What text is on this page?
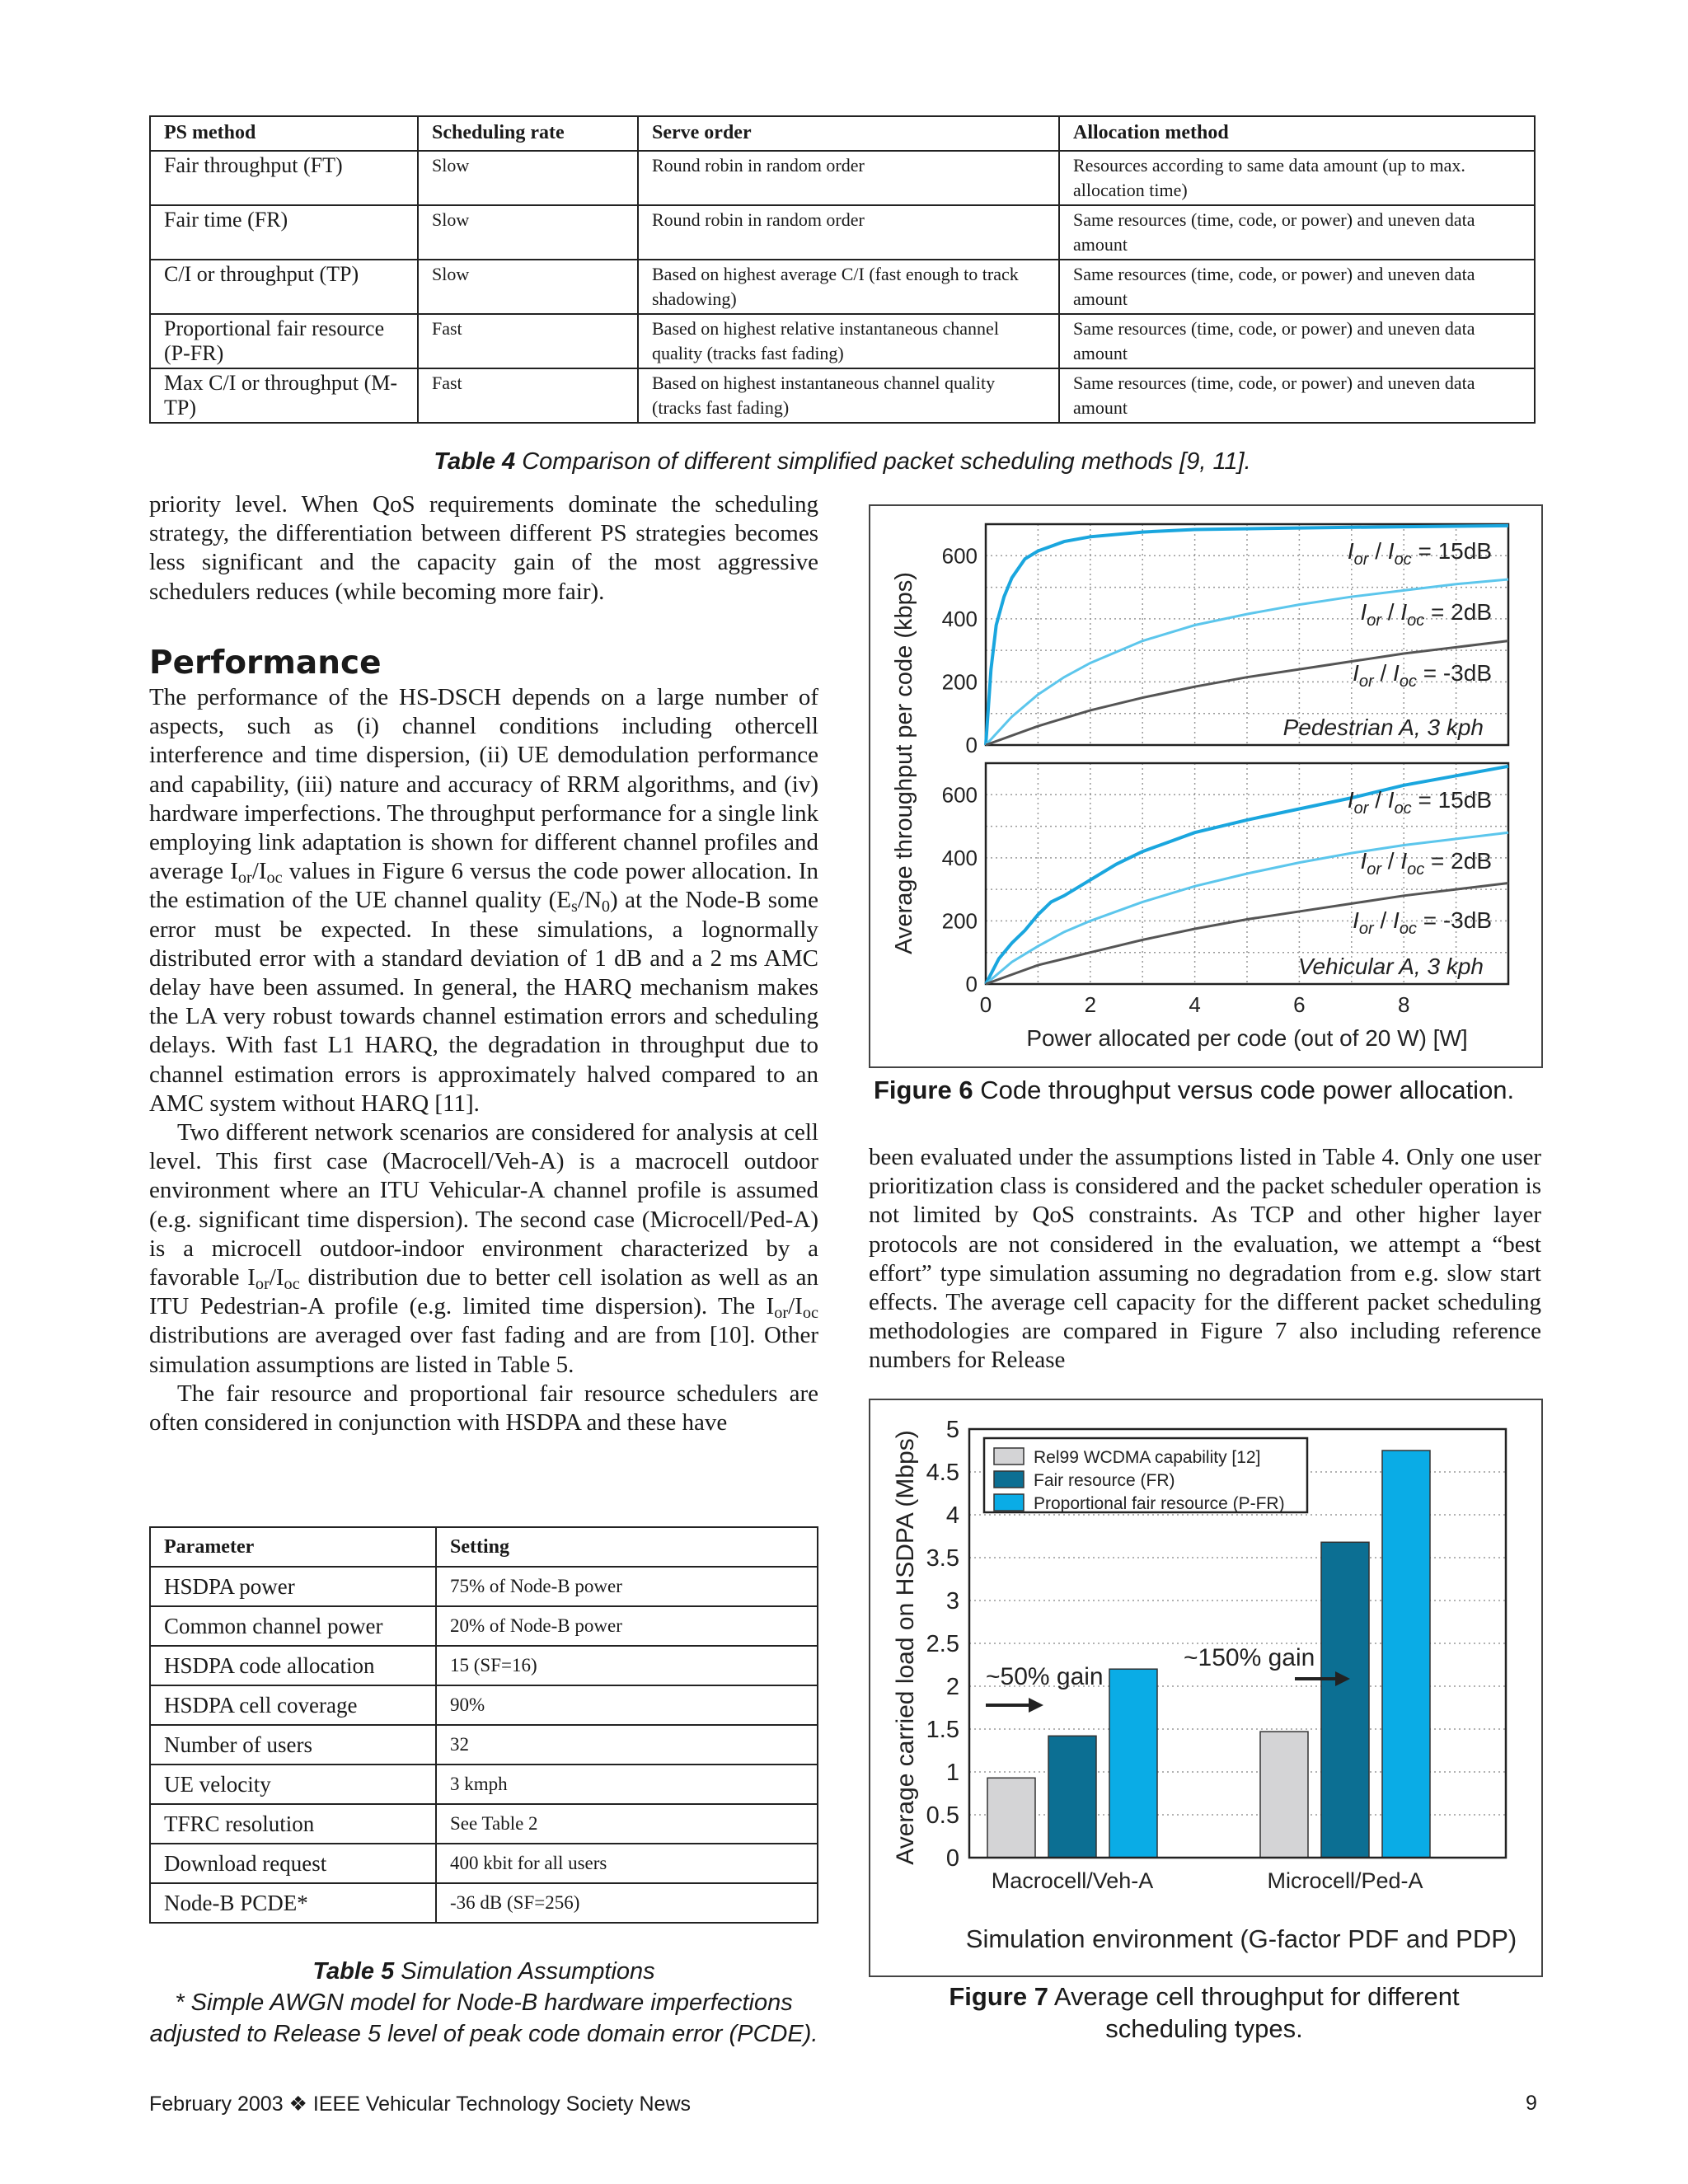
PS method	Scheduling rate	Serve order	Allocation method
Fair throughput (FT)	Slow	Round robin in random order	Resources according to same data amount (up to max. allocation time)
Fair time (FR)	Slow	Round robin in random order	Same resources (time, code, or power) and uneven data amount
C/I or throughput (TP)	Slow	Based on highest average C/I (fast enough to track shadowing)	Same resources (time, code, or power) and uneven data amount
Proportional fair resource (P-FR)	Fast	Based on highest relative instantaneous channel quality (tracks fast fading)	Same resources (time, code, or power) and uneven data amount
Max C/I or throughput (M-TP)	Fast	Based on highest instantaneous channel quality (tracks fast fading)	Same resources (time, code, or power) and uneven data amount
Table 4 Comparison of different simplified packet scheduling methods [9, 11].

priority level. When QoS requirements dominate the scheduling strategy, the differentiation between different PS strategies becomes less significant and the capacity gain of the most aggressive schedulers reduces (while becoming more fair).

Performance

The performance of the HS-DSCH depends on a large number of aspects, such as (i) channel conditions including othercell interference and time dispersion, (ii) UE demodulation performance and capability, (iii) nature and accuracy of RRM algorithms, and (iv) hardware imperfections. The throughput performance for a single link employing link adaptation is shown for different channel profiles and average $I_{or}/I_{oc}$ values in Figure 6 versus the code power allocation. In the estimation of the UE channel quality $(E_s/N_0)$ at the Node-B some error must be expected. In these simulations, a lognormally distributed error with a standard deviation of 1 dB and a 2 ms AMC delay have been assumed. In general, the HARQ mechanism makes the LA very robust towards channel estimation errors and scheduling delays. With fast L1 HARQ, the degradation in throughput due to channel estimation errors is approximately halved compared to an AMC system without HARQ [11].

Two different network scenarios are considered for analysis at cell level. This first case (Macrocell/Veh-A) is a macrocell outdoor environment where an ITU Vehicular-A channel profile is assumed (e.g. significant time dispersion). The second case (Microcell/Ped-A) is a microcell outdoor-indoor environment characterized by a favorable $I_{or}/I_{oc}$ distribution due to better cell isolation as well as an ITU Pedestrian-A profile (e.g. limited time dispersion). The $I_{or}/I_{oc}$ distributions are averaged over fast fading and are from [10]. Other simulation assumptions are listed in Table 5.

The fair resource and proportional fair resource schedulers are often considered in conjunction with HSDPA and these have

Parameter	Setting
HSDPA power	75% of Node-B power
Common channel power	20% of Node-B power
HSDPA code allocation	15 (SF=16)
HSDPA cell coverage	90%
Number of users	32
UE velocity	3 kmph
TFRC resolution	See Table 2
Download request	400 kbit for all users
Node-B PCDE*	-36 dB (SF=256)
Table 5 Simulation Assumptions
* Simple AWGN model for Node-B hardware imperfections
adjusted to Release 5 level of peak code domain error (PCDE).
0
200
400
600	$I_{or} / I_{oc} = 15dB$
$I_{or} / I_{oc} = 2dB$
$I_{or} / I_{oc} = -3dB$
Pedestrian A, 3 kph
0
200
400
600	$I_{or} / I_{oc} = 15dB$
$I_{or} / I_{oc} = 2dB$
$I_{or} / I_{oc} = -3dB$
Vehicular A, 3 kph
0	2	4	6	8
Power allocated per code (out of 20 W) [W]
Average throughput per code (kbps)
Figure 6 Code throughput versus code power allocation.

been evaluated under the assumptions listed in Table 4. Only one user prioritization class is considered and the packet scheduler operation is not limited by QoS constraints. As TCP and other higher layer protocols are not considered in the evaluation, we attempt a “best effort” type simulation assuming no degradation from e.g. slow start effects. The average cell capacity for the different packet scheduling methodologies are compared in Figure 7 also including reference numbers for Release

0
0.5
1
1.5
2
2.5
3
3.5
4
4.5
5
Macrocell/Veh-A	Microcell/Ped-A
Simulation environment (G-factor PDF and PDP)
Average carried load on HSDPA (Mbps)	Rel99 WCDMA capability [12]
Fair resource (FR)
Proportional fair resource (P-FR)
~50% gain
~150% gain
Figure 7 Average cell throughput for different
scheduling types.
February 2003 ❖ IEEE Vehicular Technology Society News	9
